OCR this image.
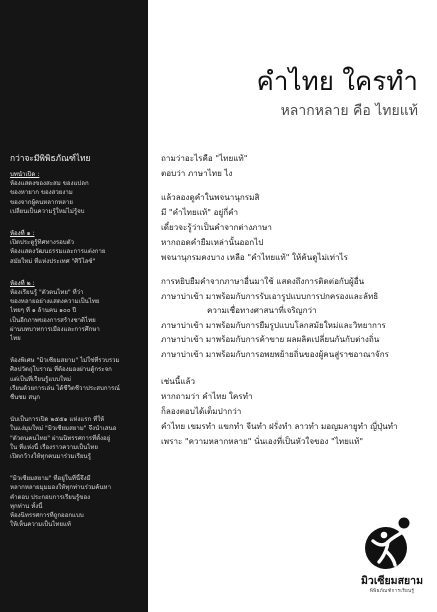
กว่าจะมีพิพิธภัณฑ์ไทย
บทนำเปิด :
ห้องแสดงของสะสม ของแปลก
ของหายาก ของสวยงาม
ของจากผู้คนหลากหลาย
เปลี่ยนเป็นความรู้ใหม่ไม่รู้จบ
ห้องที่ ๑ :
เปิดประตูรู้ทิศทางรอบตัว
ห้องแสดงวัฒนธรรมและการแต่งกาย
สมัยใหม่ ที่แห่งประเทศ "ศิวิไลซ์"
ห้องที่ ๒ :
ห้องเรียนรู้ "ตัวตนไทย" ที่ว่า
ของหลายอย่างแสดงความเป็นไทย
ไทยๆ ที่ ๑ ล้านคน ๑๐๐ ปี
เป็นอีกภาพของการสร้างชาติไทย
ผ่านบทบาทการเมืองและการศึกษา
ไทย
ห้องพิเศษ "มิวเซียมสยาม" ไม่ใช่ที่รวบรวม
ศิลปวัตถุโบราณ ที่ต้องมองผ่านตู้กระจก
แต่เป็นที่เรียนรู้แบบใหม่
เรียนด้วยการเล่น ได้ชีวิตชีวาประสบการณ์
ชื่นชม สนุก
นับเป็นการเปิด ๒๕๕๑ แห่งแรก ที่ให้
ในแง่มุมใหม่ "มิวเซียมสยาม" จึงนำเสนอ
"ตัวตนคนไทย" ผ่านนิทรรศการที่ตั้งอยู่
ใน ที่แห่งนี้ เรื่องราวความเป็นไทย
เปิดกว้างให้ทุกคนมาร่วมเรียนรู้
"มิวเซียมสยาม" ที่อยู่ในที่นี้จึงมี
หลากหลายมุมมองให้ทุกท่านร่วมค้นหา
คำตอบ ประกอบการเรียนรู้ของ
ทุกท่าน ทั้งนี้
ห้องนิทรรศการที่ถูกออกแบบ
ให้เห็นความเป็นไทยแท้
คำไทย ใครทำ
หลากหลาย คือ ไทยแท้
ถามว่าอะไรคือ "ไทยแท้"
ตอบว่า ภาษาไทย ไง
แล้วลองดูคำในพจนานุกรมสิ
มี "คำไทยแท้" อยู่กี่คำ
เดี๋ยวจะรู้ว่าเป็นคำจากต่างภาษา
หากถอดคำยืมเหล่านั้นออกไป
พจนานุกรมคงบาง เหลือ "คำไทยแท้" ให้ค้นดูไม่เท่าไร
การหยิบยืมคำจากภาษาอื่นมาใช้ แสดงถึงการติดต่อกับผู้อื่น
ภาษาบ่าเข้า มาพร้อมกับการรับเอารูปแบบการปกครองและลัทธิ
ความเชื่อทางศาสนาที่เจริญกว่า
ภาษาบ่าเข้า มาพร้อมกับการยืมรูปแบบโลกสมัยใหม่และวิทยาการ
ภาษาบ่าเข้า มาพร้อมกับการค้าขาย ผลผลิตเปลี่ยนกันกับต่างถิ่น
ภาษาบ่าเข้า มาพร้อมกับการอพยพย้ายถิ่นของผู้คนสู่ราชอาณาจักร
เช่นนี้แล้ว
หากถามว่า คำไทย ใครทำ
ก็ลองตอบได้เต็มปากว่า
คำไทย เขมรทำ แขกทำ จีนทำ ฝรั่งทำ ลาวทำ มอญมลายูทำ ญี่ปุ่นทำ
เพราะ "ความหลากหลาย" นั่นเองที่เป็นหัวใจของ "ไทยแท้"
มิวเซียมสยาม
พิพิธภัณฑ์การเรียนรู้
